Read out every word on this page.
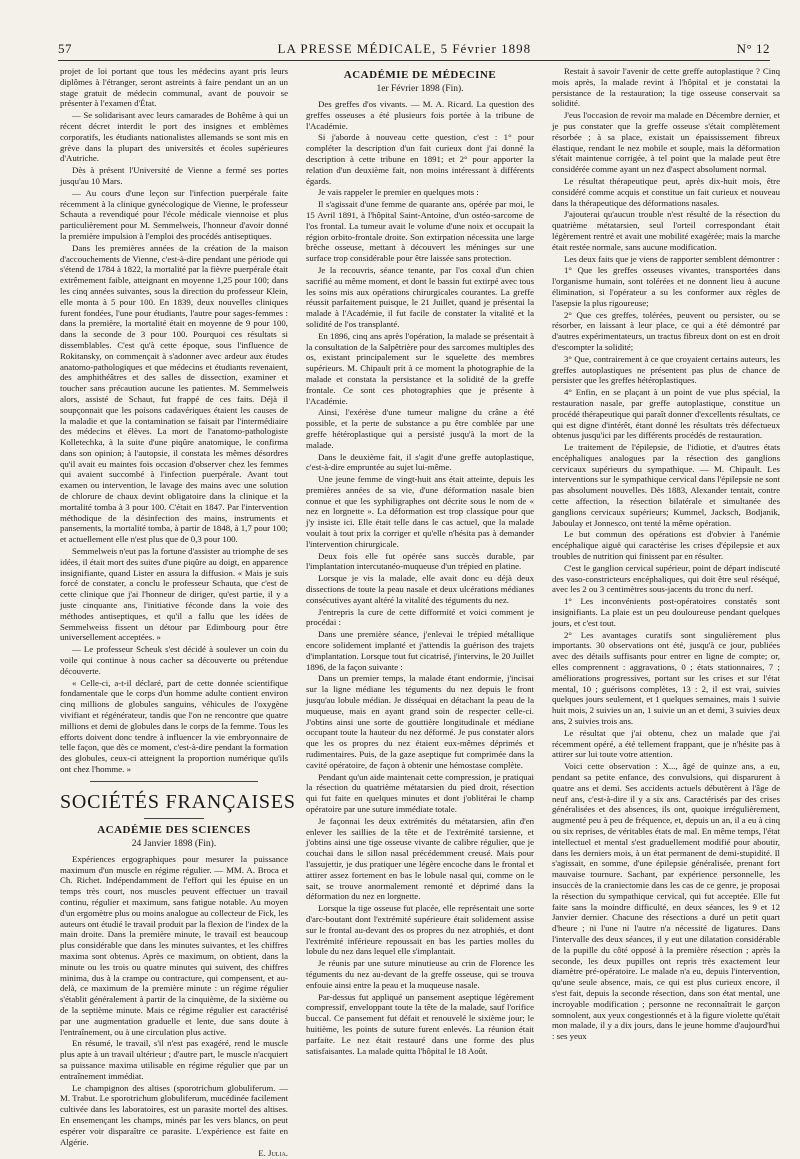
57	LA PRESSE MÉDICALE, 5 Février 1898	N° 12

projet de loi portant que tous les médecins ayant pris leurs diplômes à l'étranger, seront astreints à faire pendant un an un stage gratuit de médecin communal, avant de pouvoir se présenter à l'examen d'État.

— Se solidarisant avec leurs camarades de Bohême à qui un récent décret interdit le port des insignes et emblèmes corporatifs, les étudiants nationalistes allemands se sont mis en grève dans la plupart des universités et écoles supérieures d'Autriche.

Dès à présent l'Université de Vienne a fermé ses portes jusqu'au 10 Mars.

— Au cours d'une leçon sur l'infection puerpérale faite récemment à la clinique gynécologique de Vienne, le professeur Schauta a revendiqué pour l'école médicale viennoise et plus particulièrement pour M. Semmelweis, l'honneur d'avoir donné la première impulsion à l'emploi des procédés antiseptiques.

Dans les premières années de la création de la maison d'accouchements de Vienne, c'est-à-dire pendant une période qui s'étend de 1784 à 1822, la mortalité par la fièvre puerpérale était extrêmement faible, atteignant en moyenne 1,25 pour 100; dans les cinq années suivantes, sous la direction du professeur Klein, elle monta à 5 pour 100. En 1839, deux nouvelles cliniques furent fondées, l'une pour étudiants, l'autre pour sages-femmes : dans la première, la mortalité était en moyenne de 9 pour 100, dans la seconde de 3 pour 100. Pourquoi ces résultats si dissemblables. C'est qu'à cette époque, sous l'influence de Rokitansky, on commençait à s'adonner avec ardeur aux études anatomo-pathologiques et que médecins et étudiants revenaient, des amphithéâtres et des salles de dissection, examiner et toucher sans précaution aucune les patientes. M. Semmelweis alors, assisté de Schaut, fut frappé de ces faits. Déjà il soupçonnait que les poisons cadavériques étaient les causes de la maladie et que la contamination se faisait par l'intermédiaire des médecins et élèves. La mort de l'anatomo-pathologiste Kolletechka, à la suite d'une piqûre anatomique, le confirma dans son opinion; à l'autopsie, il constata les mêmes désordres qu'il avait eu maintes fois occasion d'observer chez les femmes qui avaient succombé à l'infection puerpérale. Avant tout examen ou intervention, le lavage des mains avec une solution de chlorure de chaux devint obligatoire dans la clinique et la mortalité tomba à 3 pour 100. C'était en 1847. Par l'intervention méthodique de la désinfection des mains, instruments et pansements, la mortalité tomba, à partir de 1848, à 1,7 pour 100; et actuellement elle n'est plus que de 0,3 pour 100.

Semmelweis n'eut pas la fortune d'assister au triomphe de ses idées, il était mort des suites d'une piqûre au doigt, en apparence insignifiante, quand Lister en assura la diffusion. « Mais je suis forcé de constater, a conclu le professeur Schauta, que c'est de cette clinique que j'ai l'honneur de diriger, qu'est partie, il y a juste cinquante ans, l'initiative féconde dans la voie des méthodes antiseptiques, et qu'il a fallu que les idées de Semmelweiss fissent un détour par Edimbourg pour être universellement acceptées. »

— Le professeur Scheuk s'est décidé à soulever un coin du voile qui continue à nous cacher sa découverte ou prétendue découverte.

« Celle-ci, a-t-il déclaré, part de cette donnée scientifique fondamentale que le corps d'un homme adulte contient environ cinq millions de globules sanguins, véhicules de l'oxygène vivifiant et régénérateur, tandis que l'on ne rencontre que quatre millions et demi de globules dans le corps de la femme. Tous les efforts doivent donc tendre à influencer la vie embryonnaire de telle façon, que dès ce moment, c'est-à-dire pendant la formation des globules, ceux-ci atteignent la proportion numérique qu'ils ont chez l'homme. »

SOCIÉTÉS FRANÇAISES
ACADÉMIE DES SCIENCES
24 Janvier 1898 (Fin).

Expériences ergographiques pour mesurer la puissance maximum d'un muscle en régime régulier. — MM. A. Broca et Ch. Richet. Indépendamment de l'effort qui les épuise en un temps très court, nos muscles peuvent effectuer un travail continu, régulier et maximum, sans fatigue notable. Au moyen d'un ergomètre plus ou moins analogue au collecteur de Fick, les auteurs ont étudié le travail produit par la flexion de l'index de la main droite. Dans la première minute, le travail est beaucoup plus considérable que dans les minutes suivantes, et les chiffres maxima sont obtenus. Après ce maximum, on obtient, dans la minute ou les trois ou quatre minutes qui suivent, des chiffres minima, dus à la crampe ou contracture, qui compensent, et au-delà, ce maximum de la première minute : un régime régulier s'établit généralement à partir de la cinquième, de la sixième ou de la septième minute. Mais ce régime régulier est caractérisé par une augmentation graduelle et lente, due sans doute à l'entraînement, ou à une circulation plus active.

En résumé, le travail, s'il n'est pas exagéré, rend le muscle plus apte à un travail ultérieur ; d'autre part, le muscle n'acquiert sa puissance maxima utilisable en régime régulier que par un entraînement immédiat.

Le champignon des altises (sporotrichum globuliferum. — M. Trabut. Le sporotrichum globuliferum, mucédinée facilement cultivée dans les laboratoires, est un parasite mortel des altises. En ensemençant les champs, minés par les vers blancs, on peut espérer voir disparaître ce parasite. L'expérience est faite en Algérie.

E. Julia.

ACADÉMIE DE MÉDECINE
1er Février 1898 (Fin).

Des greffes d'os vivants. — M. A. Ricard. La question des greffes osseuses a été plusieurs fois portée à la tribune de l'Académie.

Si j'aborde à nouveau cette question, c'est : 1° pour compléter la description d'un fait curieux dont j'ai donné la description à cette tribune en 1891; et 2° pour apporter la relation d'un deuxième fait, non moins intéressant à différents égards.

Je vais rappeler le premier en quelques mots :

Il s'agissait d'une femme de quarante ans, opérée par moi, le 15 Avril 1891, à l'hôpital Saint-Antoine, d'un ostéo-sarcome de l'os frontal. La tumeur avait le volume d'une noix et occupait la région orbito-frontale droite. Son extirpation nécessita une large brèche osseuse, mettant à découvert les méninges sur une surface trop considérable pour être laissée sans protection.

Je la recouvris, séance tenante, par l'os coxal d'un chien sacrifié au même moment, et dont le bassin fut extirpé avec tous les soins mis aux opérations chirurgicales courantes. La greffe réussit parfaitement puisque, le 21 Juillet, quand je présentai la malade à l'Académie, il fut facile de constater la vitalité et la solidité de l'os transplanté.

En 1896, cinq ans après l'opération, la malade se présentait à la consultation de la Salpêtrière pour des sarcomes multiples des os, existant principalement sur le squelette des membres supérieurs. M. Chipault prit à ce moment la photographie de la malade et constata la persistance et la solidité de la greffe frontale. Ce sont ces photographies que je présente à l'Académie.

Ainsi, l'exérèse d'une tumeur maligne du crâne a été possible, et la perte de substance a pu être comblée par une greffe hétéroplastique qui a persisté jusqu'à la mort de la malade.

Dans le deuxième fait, il s'agit d'une greffe autoplastique, c'est-à-dire empruntée au sujet lui-même.

Une jeune femme de vingt-huit ans était atteinte, depuis les premières années de sa vie, d'une déformation nasale bien connue et que les syphiligraphes ont décrite sous le nom de « nez en lorgnette ». La déformation est trop classique pour que j'y insiste ici. Elle était telle dans le cas actuel, que la malade voulait à tout prix la corriger et qu'elle n'hésita pas à demander l'intervention chirurgicale.

Deux fois elle fut opérée sans succès durable, par l'implantation intercutanéo-muqueuse d'un trépied en platine.

Lorsque je vis la malade, elle avait donc eu déjà deux dissections de toute la peau nasale et deux ulcérations médianes consécutives ayant altéré la vitalité des téguments du nez.

J'entrepris la cure de cette difformité et voici comment je procédai :

Dans une première séance, j'enlevai le trépied métallique encore solidement implanté et j'attendis la guérison des trajets d'implantation. Lorsque tout fut cicatrisé, j'intervins, le 20 Juillet 1896, de la façon suivante :

Dans un premier temps, la malade étant endormie, j'incisai sur la ligne médiane les téguments du nez depuis le front jusqu'au lobule médian. Je disséquai en détachant la peau de la muqueuse, mais en ayant grand soin de respecter celle-ci. J'obtins ainsi une sorte de gouttière longitudinale et médiane occupant toute la hauteur du nez déformé. Je pus constater alors que les os propres du nez étaient eux-mêmes déprimés et rudimentaires. Puis, de la gaze aseptique fut comprimée dans la cavité opératoire, de façon à obtenir une hémostase complète.

Pendant qu'un aide maintenait cette compression, je pratiquai la résection du quatrième métatarsien du pied droit, résection qui fut faite en quelques minutes et dont j'oblitérai le champ opératoire par une suture immédiate totale.

Je façonnai les deux extrémités du métatarsien, afin d'en enlever les saillies de la tête et de l'extrémité tarsienne, et j'obtins ainsi une tige osseuse vivante de calibre régulier, que je couchai dans le sillon nasal précédemment creusé. Mais pour l'assujettir, je dus pratiquer une légère encoche dans le frontal et attirer assez fortement en bas le lobule nasal qui, comme on le sait, se trouve anormalement remonté et déprimé dans la déformation du nez en lorgnette.

Lorsque la tige osseuse fut placée, elle représentait une sorte d'arc-boutant dont l'extrémité supérieure était solidement assise sur le frontal au-devant des os propres du nez atrophiés, et dont l'extrémité inférieure repoussait en bas les parties molles du lobule du nez dans lequel elle s'implantait.

Je réunis par une suture minutieuse au crin de Florence les téguments du nez au-devant de la greffe osseuse, qui se trouva enfouie ainsi entre la peau et la muqueuse nasale.

Par-dessus fut appliqué un pansement aseptique légèrement compressif, enveloppant toute la tête de la malade, sauf l'orifice buccal. Ce pansement fut défait et renouvelé le sixième jour; le huitième, les points de suture furent enlevés. La réunion était parfaite. Le nez était restauré dans une forme des plus satisfaisantes. La malade quitta l'hôpital le 18 Août.

Restait à savoir l'avenir de cette greffe autoplastique ? Cinq mois après, la malade revint à l'hôpital et je constatai la persistance de la restauration; la tige osseuse conservait sa solidité.

J'eus l'occasion de revoir ma malade en Décembre dernier, et je pus constater que la greffe osseuse s'était complètement résorbée ; à sa place, existait un épaississement fibreux élastique, rendant le nez mobile et souple, mais la déformation s'était maintenue corrigée, à tel point que la malade peut être considérée comme ayant un nez d'aspect absolument normal.

Le résultat thérapeutique peut, après dix-huit mois, être considéré comme acquis et constitue un fait curieux et nouveau dans la thérapeutique des déformations nasales.

J'ajouterai qu'aucun trouble n'est résulté de la résection du quatrième métatarsien, seul l'orteil correspondant était légèrement rentré et avait une mobilité exagérée; mais la marche était restée normale, sans aucune modification.

Les deux faits que je viens de rapporter semblent démontrer :

1° Que les greffes osseuses vivantes, transportées dans l'organisme humain, sont tolérées et ne donnent lieu à aucune élimination, si l'opérateur a su les conformer aux règles de l'asepsie la plus rigoureuse;

2° Que ces greffes, tolérées, peuvent ou persister, ou se résorber, en laissant à leur place, ce qui a été démontré par d'autres expérimentateurs, un tractus fibreux dont on est en droit d'escompter la solidité;

3° Que, contrairement à ce que croyaient certains auteurs, les greffes autoplastiques ne présentent pas plus de chance de persister que les greffes hétéroplastiques.

4° Enfin, en se plaçant à un point de vue plus spécial, la restauration nasale, par greffe autoplastique, constitue un procédé thérapeutique qui paraît donner d'excellents résultats, ce qui est digne d'intérêt, étant donné les résultats très défectueux obtenus jusqu'ici par les différents procédés de restauration.

Le traitement de l'épilepsie, de l'idiotie, et d'autres états encéphaliques analogues par la résection des ganglions cervicaux supérieurs du sympathique. — M. Chipault. Les interventions sur le sympathique cervical dans l'épilepsie ne sont pas absolument nouvelles. Dès 1883, Alexander tentait, contre cette affection, la résection bilatérale et simultanée des ganglions cervicaux supérieurs; Kummel, Jacksch, Bodjanik, Jaboulay et Jonnesco, ont tenté la même opération.

Le but commun des opérations est d'obvier à l'anémie encéphalique aiguë qui caractérise les crises d'épilepsie et aux troubles de nutrition qui finissent par en résulter.

C'est le ganglion cervical supérieur, point de départ indiscuté des vaso-constricteurs encéphaliques, qui doit être seul réséqué, avec les 2 ou 3 centimètres sous-jacents du tronc du nerf.

1° Les inconvénients post-opératoires constatés sont insignifiants. La plaie est un peu douloureuse pendant quelques jours, et c'est tout.

2° Les avantages curatifs sont singulièrement plus importants. 30 observations ont été, jusqu'à ce jour, publiées avec des détails suffisants pour entrer en ligne de compte; or, elles comprennent : aggravations, 0 ; états stationnaires, 7 ; améliorations progressives, portant sur les crises et sur l'état mental, 10 ; guérisons complètes, 13 : 2, il est vrai, suivies quelques jours seulement, et 1 quelques semaines, mais 1 suivie huit mois, 2 suivies un an, 1 suivie un an et demi, 3 suivies deux ans, 2 suivies trois ans.

Le résultat que j'ai obtenu, chez un malade que j'ai récemment opéré, a été tellement frappant, que je n'hésite pas à attirer sur lui toute votre attention.

Voici cette observation : X..., âgé de quinze ans, a eu, pendant sa petite enfance, des convulsions, qui disparurent à quatre ans et demi. Ses accidents actuels débutèrent à l'âge de neuf ans, c'est-à-dire il y a six ans. Caractérisés par des crises généralisées et des absences, ils ont, quoique irrégulièrement, augmenté peu à peu de fréquence, et, depuis un an, il a eu à cinq ou six reprises, de véritables états de mal. En même temps, l'état intellectuel et mental s'est graduellement modifié pour aboutir, dans les derniers mois, à un état permanent de demi-stupidité. Il s'agissait, en somme, d'une épilepsie généralisée, prenant fort mauvaise tournure. Sachant, par expérience personnelle, les insuccès de la craniectomie dans les cas de ce genre, je proposai la résection du sympathique cervical, qui fut acceptée. Elle fut faite sans la moindre difficulté, en deux séances, les 9 et 12 Janvier dernier. Chacune des résections a duré un petit quart d'heure ; ni l'une ni l'autre n'a nécessité de ligatures. Dans l'intervalle des deux séances, il y eut une dilatation considérable de la pupille du côté opposé à la première résection ; après la seconde, les deux pupilles ont repris très exactement leur diamètre pré-opératoire. Le malade n'a eu, depuis l'intervention, qu'une seule absence, mais, ce qui est plus curieux encore, il s'est fait, depuis la seconde résection, dans son état mental, une incroyable modification ; personne ne reconnaîtrait le garçon somnolent, aux yeux congestionnés et à la figure violette qu'était mon malade, il y a dix jours, dans le jeune homme d'aujourd'hui : ses yeux
